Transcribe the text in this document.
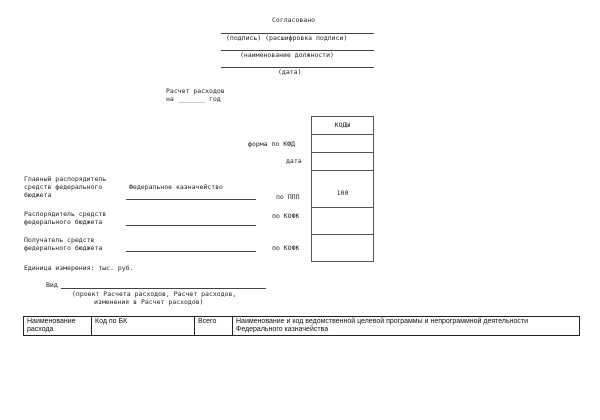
Согласовано
(подпись) (расшифровка подписи)
(наименование должности)
(дата)
Расчет расходов
на _______ год
КОДЫ
100
форма по КФД
дата
по ППП
по КОФК
по КОФК
Главный распорядитель
средств федерального
бюджета
Федеральное казначейство
Распорядитель средств
федерального бюджета
Получатель средств
федерального бюджета
Единица измерения: тыс. руб.
Вид
(проект Расчета расходов, Расчет расходов,
изменения в Расчет расходов)
Наименование расхода
Код по БК	Всего	Наименование и код ведомственной целевой программы и непрограммной деятельности Федерального казначейства
